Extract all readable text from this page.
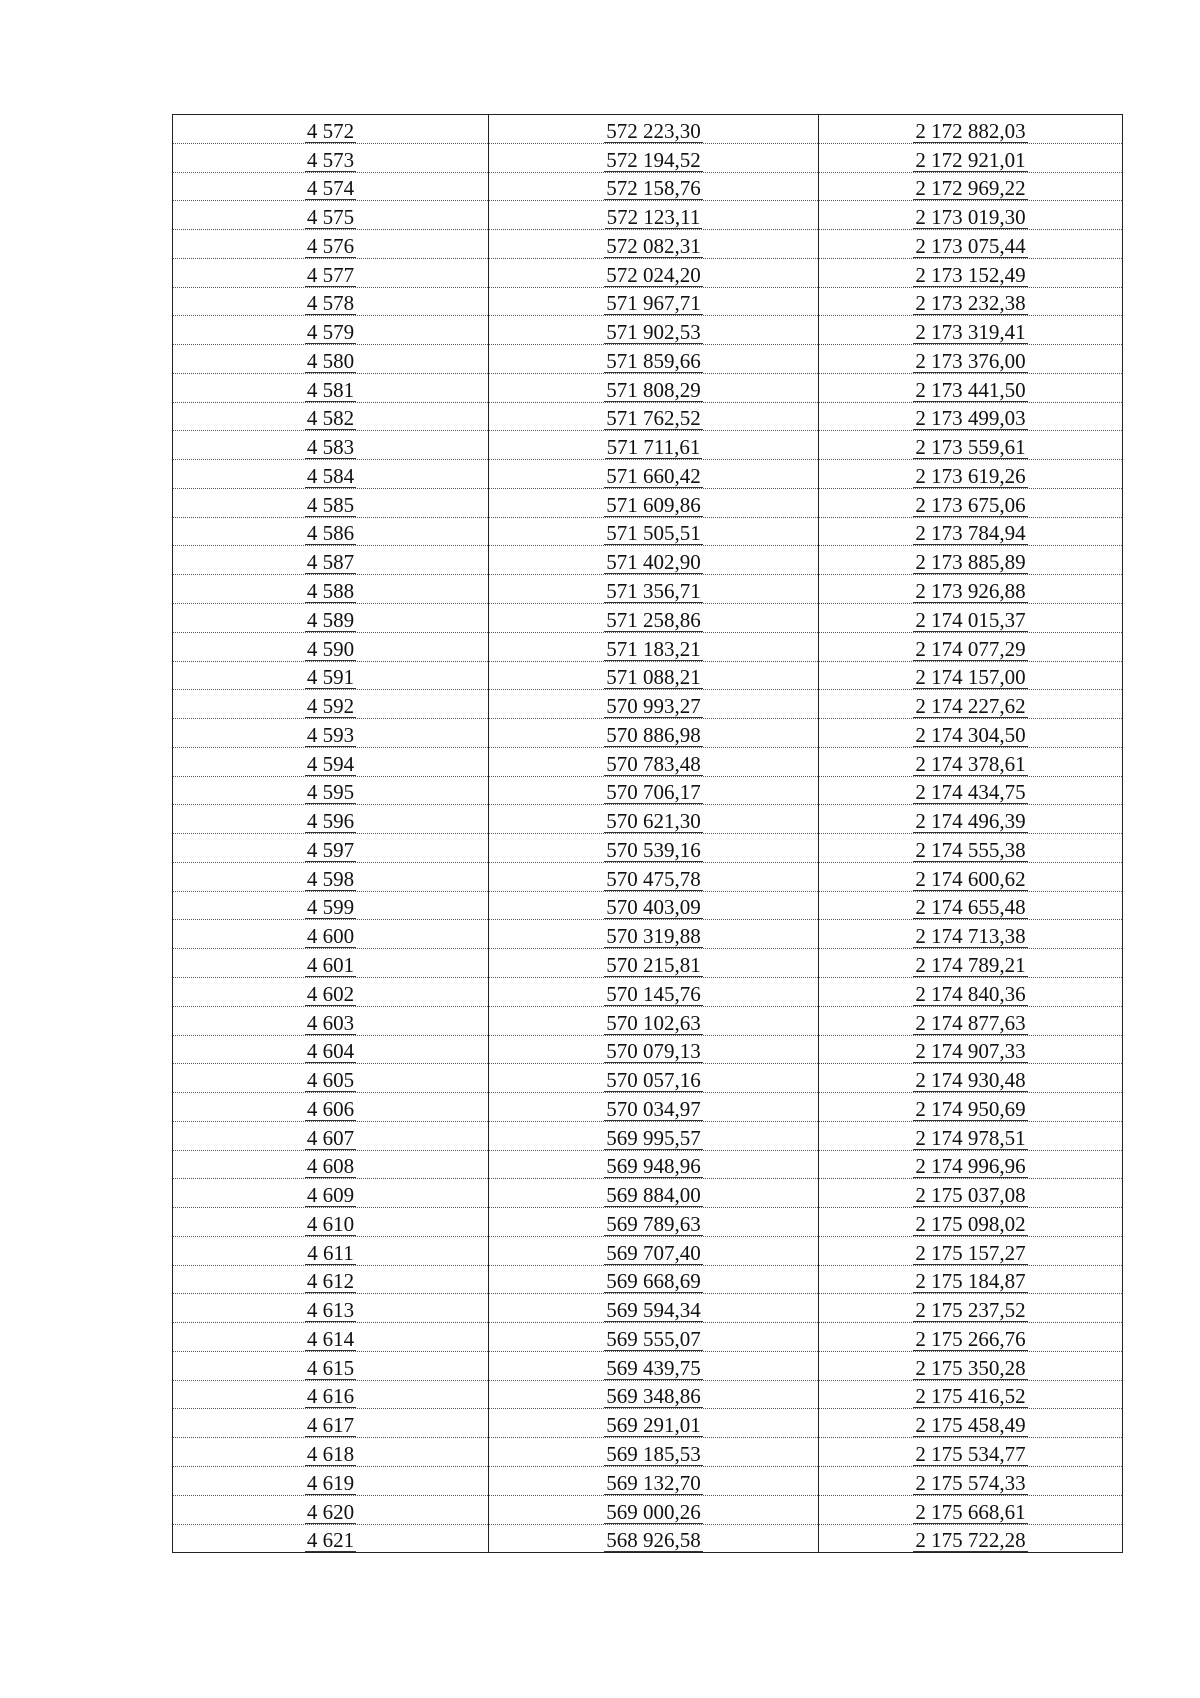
4 572	572 223,30	2 172 882,03
4 573	572 194,52	2 172 921,01
4 574	572 158,76	2 172 969,22
4 575	572 123,11	2 173 019,30
4 576	572 082,31	2 173 075,44
4 577	572 024,20	2 173 152,49
4 578	571 967,71	2 173 232,38
4 579	571 902,53	2 173 319,41
4 580	571 859,66	2 173 376,00
4 581	571 808,29	2 173 441,50
4 582	571 762,52	2 173 499,03
4 583	571 711,61	2 173 559,61
4 584	571 660,42	2 173 619,26
4 585	571 609,86	2 173 675,06
4 586	571 505,51	2 173 784,94
4 587	571 402,90	2 173 885,89
4 588	571 356,71	2 173 926,88
4 589	571 258,86	2 174 015,37
4 590	571 183,21	2 174 077,29
4 591	571 088,21	2 174 157,00
4 592	570 993,27	2 174 227,62
4 593	570 886,98	2 174 304,50
4 594	570 783,48	2 174 378,61
4 595	570 706,17	2 174 434,75
4 596	570 621,30	2 174 496,39
4 597	570 539,16	2 174 555,38
4 598	570 475,78	2 174 600,62
4 599	570 403,09	2 174 655,48
4 600	570 319,88	2 174 713,38
4 601	570 215,81	2 174 789,21
4 602	570 145,76	2 174 840,36
4 603	570 102,63	2 174 877,63
4 604	570 079,13	2 174 907,33
4 605	570 057,16	2 174 930,48
4 606	570 034,97	2 174 950,69
4 607	569 995,57	2 174 978,51
4 608	569 948,96	2 174 996,96
4 609	569 884,00	2 175 037,08
4 610	569 789,63	2 175 098,02
4 611	569 707,40	2 175 157,27
4 612	569 668,69	2 175 184,87
4 613	569 594,34	2 175 237,52
4 614	569 555,07	2 175 266,76
4 615	569 439,75	2 175 350,28
4 616	569 348,86	2 175 416,52
4 617	569 291,01	2 175 458,49
4 618	569 185,53	2 175 534,77
4 619	569 132,70	2 175 574,33
4 620	569 000,26	2 175 668,61
4 621	568 926,58	2 175 722,28
